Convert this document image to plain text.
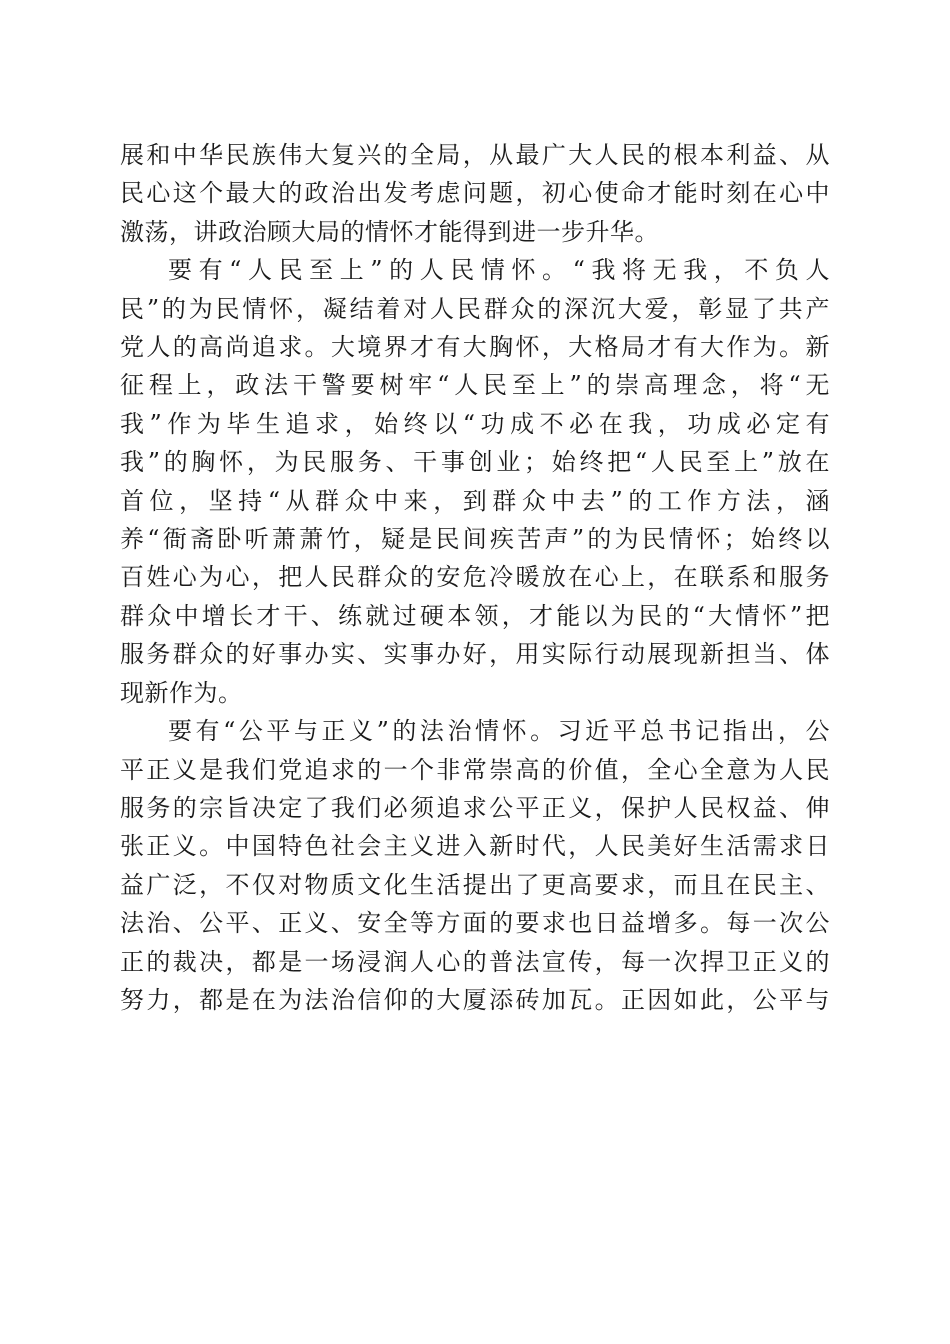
展和中华民族伟大复兴的全局，从最广大人民的根本利益、从
民心这个最大的政治出发考虑问题，初心使命才能时刻在心中
激荡，讲政治顾大局的情怀才能得到进一步升华。

要有“人民至上”的人民情怀。“我将无我，不负人
民”的为民情怀，凝结着对人民群众的深沉大爱，彰显了共产
党人的高尚追求。大境界才有大胸怀，大格局才有大作为。新
征程上，政法干警要树牢“人民至上”的崇高理念，将“无
我”作为毕生追求，始终以“功成不必在我，功成必定有
我”的胸怀，为民服务、干事创业；始终把“人民至上”放在
首位，坚持“从群众中来，到群众中去”的工作方法，涵
养“衙斋卧听萧萧竹，疑是民间疾苦声”的为民情怀；始终以
百姓心为心，把人民群众的安危冷暖放在心上，在联系和服务
群众中增长才干、练就过硬本领，才能以为民的“大情怀”把
服务群众的好事办实、实事办好，用实际行动展现新担当、体
现新作为。

要有“公平与正义”的法治情怀。习近平总书记指出，公
平正义是我们党追求的一个非常崇高的价值，全心全意为人民
服务的宗旨决定了我们必须追求公平正义，保护人民权益、伸
张正义。中国特色社会主义进入新时代，人民美好生活需求日
益广泛，不仅对物质文化生活提出了更高要求，而且在民主、
法治、公平、正义、安全等方面的要求也日益增多。每一次公
正的裁决，都是一场浸润人心的普法宣传，每一次捍卫正义的
努力，都是在为法治信仰的大厦添砖加瓦。正因如此，公平与
